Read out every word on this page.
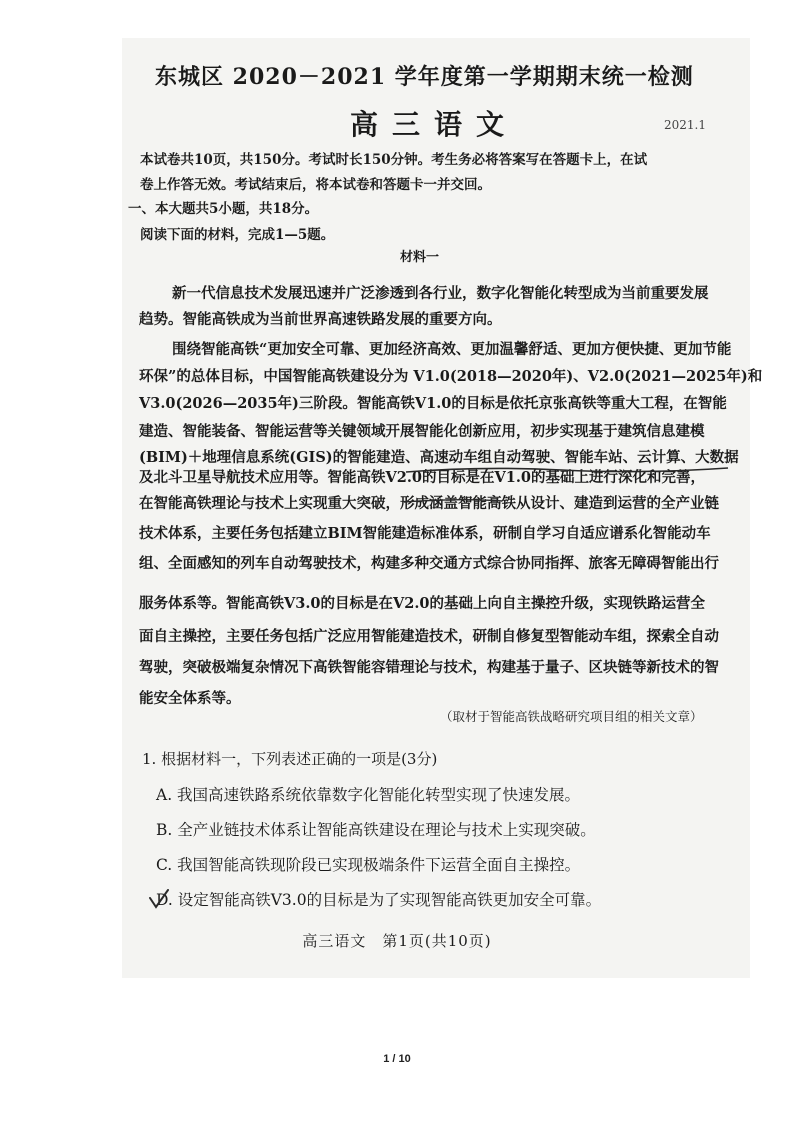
东城区 2020－2021 学年度第一学期期末统一检测
高三语文	2021.1
本试卷共10页，共150分。考试时长150分钟。考生务必将答案写在答题卡上，在试
卷上作答无效。考试结束后，将本试卷和答题卡一并交回。
一、本大题共5小题，共18分。
阅读下面的材料，完成1—5题。
材料一
新一代信息技术发展迅速并广泛渗透到各行业，数字化智能化转型成为当前重要发展
趋势。智能高铁成为当前世界高速铁路发展的重要方向。
围绕智能高铁“更加安全可靠、更加经济高效、更加温馨舒适、更加方便快捷、更加节能
环保”的总体目标，中国智能高铁建设分为 V1.0(2018—2020年)、V2.0(2021—2025年)和
V3.0(2026—2035年)三阶段。智能高铁V1.0的目标是依托京张高铁等重大工程，在智能
建造、智能装备、智能运营等关键领域开展智能化创新应用，初步实现基于建筑信息建模
(BIM)＋地理信息系统(GIS)的智能建造、高速动车组自动驾驶、智能车站、云计算、大数据
及北斗卫星导航技术应用等。智能高铁V2.0的目标是在V1.0的基础上进行深化和完善，
在智能高铁理论与技术上实现重大突破，形成涵盖智能高铁从设计、建造到运营的全产业链
技术体系，主要任务包括建立BIM智能建造标准体系，研制自学习自适应谱系化智能动车
组、全面感知的列车自动驾驶技术，构建多种交通方式综合协同指挥、旅客无障碍智能出行
服务体系等。智能高铁V3.0的目标是在V2.0的基础上向自主操控升级，实现铁路运营全
面自主操控，主要任务包括广泛应用智能建造技术，研制自修复型智能动车组，探索全自动
驾驶，突破极端复杂情况下高铁智能容错理论与技术，构建基于量子、区块链等新技术的智
能安全体系等。
（取材于智能高铁战略研究项目组的相关文章）
1. 根据材料一，下列表述正确的一项是(3分)
A. 我国高速铁路系统依靠数字化智能化转型实现了快速发展。
B. 全产业链技术体系让智能高铁建设在理论与技术上实现突破。
C. 我国智能高铁现阶段已实现极端条件下运营全面自主操控。
D. 设定智能高铁V3.0的目标是为了实现智能高铁更加安全可靠。
高三语文　第1页(共10页)
1 / 10
